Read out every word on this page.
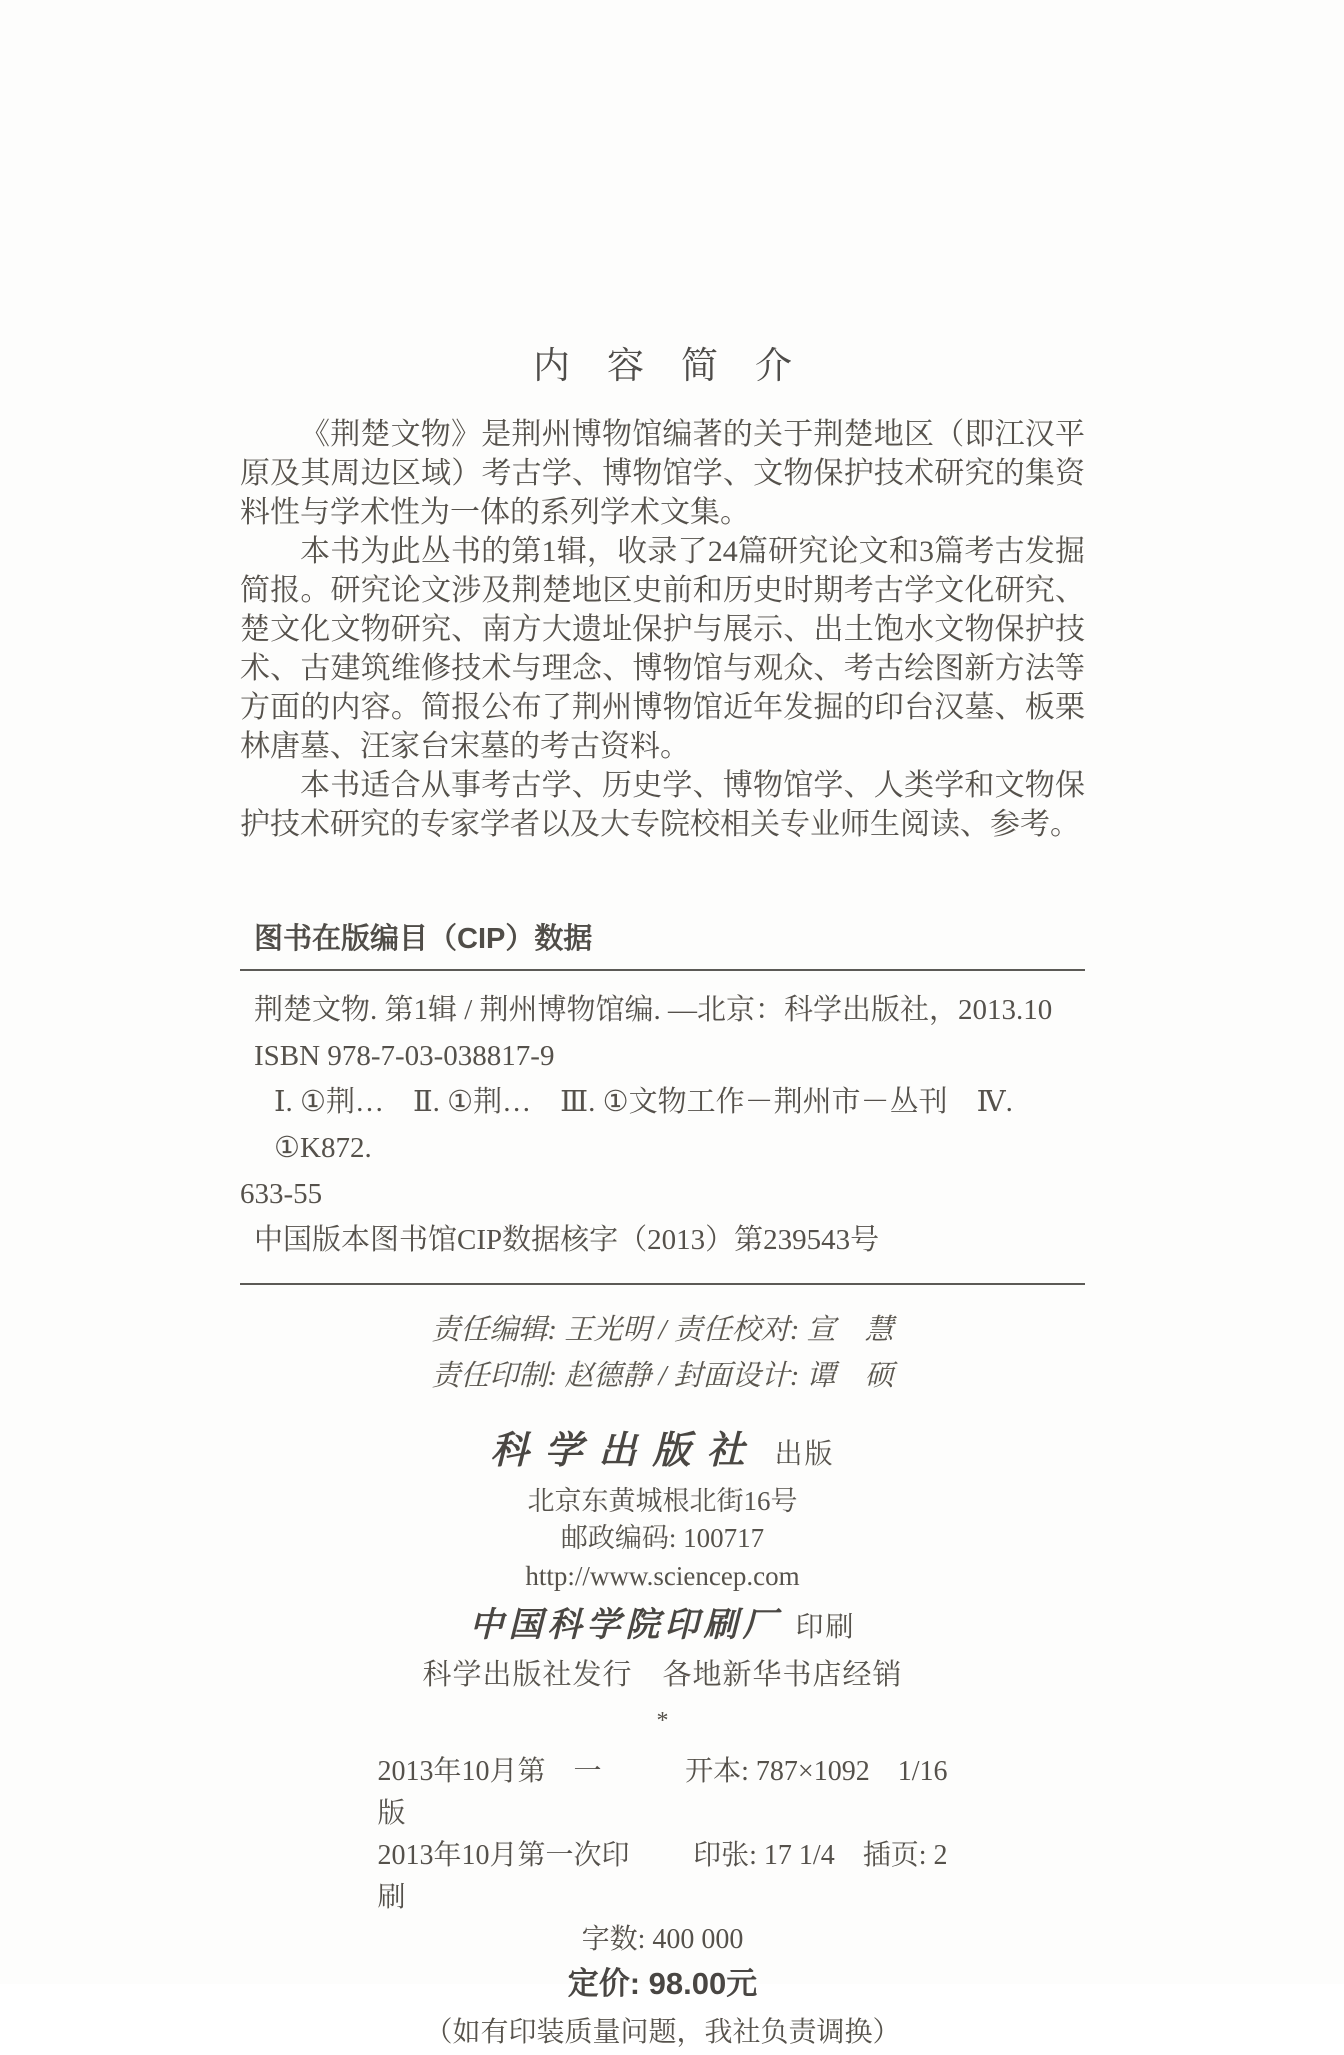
内　容　简　介

《荆楚文物》是荆州博物馆编著的关于荆楚地区（即江汉平原及其周边区域）考古学、博物馆学、文物保护技术研究的集资料性与学术性为一体的系列学术文集。

本书为此丛书的第1辑，收录了24篇研究论文和3篇考古发掘简报。研究论文涉及荆楚地区史前和历史时期考古学文化研究、楚文化文物研究、南方大遗址保护与展示、出土饱水文物保护技术、古建筑维修技术与理念、博物馆与观众、考古绘图新方法等方面的内容。简报公布了荆州博物馆近年发掘的印台汉墓、板栗林唐墓、汪家台宋墓的考古资料。

本书适合从事考古学、历史学、博物馆学、人类学和文物保护技术研究的专家学者以及大专院校相关专业师生阅读、参考。

图书在版编目（CIP）数据
荆楚文物. 第1辑 / 荆州博物馆编. —北京：科学出版社，2013.10
ISBN 978-7-03-038817-9
Ⅰ. ①荆…　Ⅱ. ①荆…　Ⅲ. ①文物工作－荆州市－丛刊　Ⅳ. ①K872.
633-55
中国版本图书馆CIP数据核字（2013）第239543号
责任编辑: 王光明 / 责任校对: 宣　慧
责任印制: 赵德静 / 封面设计: 谭　硕
科学出版社 出版
北京东黄城根北街16号
邮政编码: 100717
http://www.sciencep.com
中国科学院印刷厂 印刷
科学出版社发行　各地新华书店经销
*
2013年10月第　一　版
开本: 787×1092　1/16
2013年10月第一次印刷
印张: 17 1/4　插页: 2
字数: 400 000
定价: 98.00元
（如有印装质量问题，我社负责调换）
